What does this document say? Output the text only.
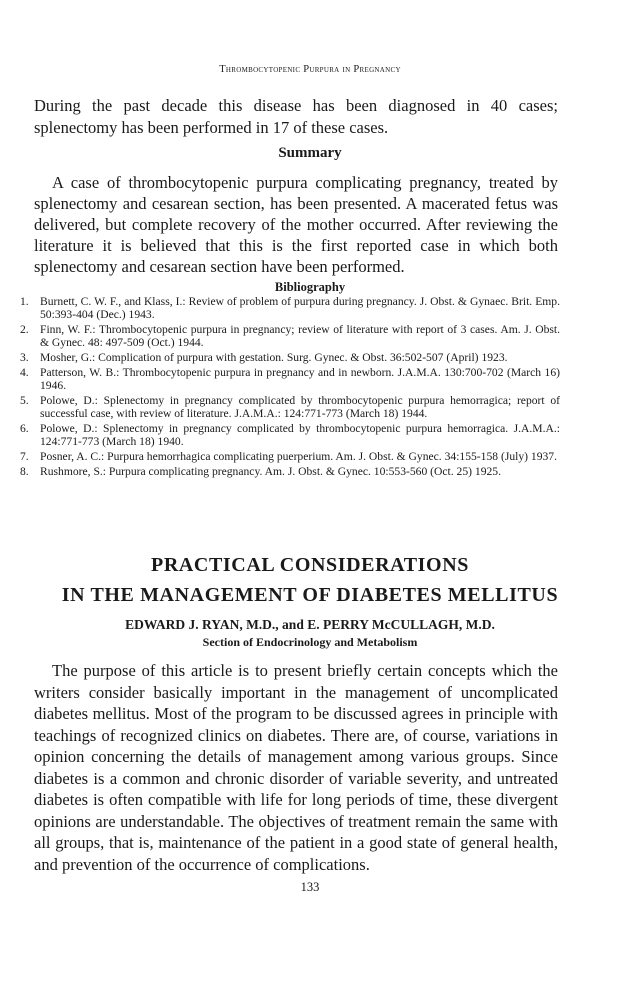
Thrombocytopenic Purpura in Pregnancy
During the past decade this disease has been diagnosed in 40 cases; splenectomy has been performed in 17 of these cases.
Summary
A case of thrombocytopenic purpura complicating pregnancy, treated by splenectomy and cesarean section, has been presented. A macerated fetus was delivered, but complete recovery of the mother occurred. After reviewing the literature it is believed that this is the first reported case in which both splenectomy and cesarean section have been performed.
Bibliography
1. Burnett, C. W. F., and Klass, I.: Review of problem of purpura during pregnancy. J. Obst. & Gynaec. Brit. Emp. 50:393-404 (Dec.) 1943.
2. Finn, W. F.: Thrombocytopenic purpura in pregnancy; review of literature with report of 3 cases. Am. J. Obst. & Gynec. 48: 497-509 (Oct.) 1944.
3. Mosher, G.: Complication of purpura with gestation. Surg. Gynec. & Obst. 36:502-507 (April) 1923.
4. Patterson, W. B.: Thrombocytopenic purpura in pregnancy and in newborn. J.A.M.A. 130:700-702 (March 16) 1946.
5. Polowe, D.: Splenectomy in pregnancy complicated by thrombocytopenic purpura hemorragica; report of successful case, with review of literature. J.A.M.A.: 124:771-773 (March 18) 1944.
6. Polowe, D.: Splenectomy in pregnancy complicated by thrombocytopenic purpura hemorragica. J.A.M.A.: 124:771-773 (March 18) 1940.
7. Posner, A. C.: Purpura hemorrhagica complicating puerperium. Am. J. Obst. & Gynec. 34:155-158 (July) 1937.
8. Rushmore, S.: Purpura complicating pregnancy. Am. J. Obst. & Gynec. 10:553-560 (Oct. 25) 1925.
PRACTICAL CONSIDERATIONS
IN THE MANAGEMENT OF DIABETES MELLITUS
EDWARD J. RYAN, M.D., and E. PERRY McCULLAGH, M.D.
Section of Endocrinology and Metabolism
The purpose of this article is to present briefly certain concepts which the writers consider basically important in the management of uncomplicated diabetes mellitus. Most of the program to be discussed agrees in principle with teachings of recognized clinics on diabetes. There are, of course, variations in opinion concerning the details of management among various groups. Since diabetes is a common and chronic disorder of variable severity, and untreated diabetes is often compatible with life for long periods of time, these divergent opinions are understandable. The objectives of treatment remain the same with all groups, that is, maintenance of the patient in a good state of general health, and prevention of the occurrence of complications.
133
